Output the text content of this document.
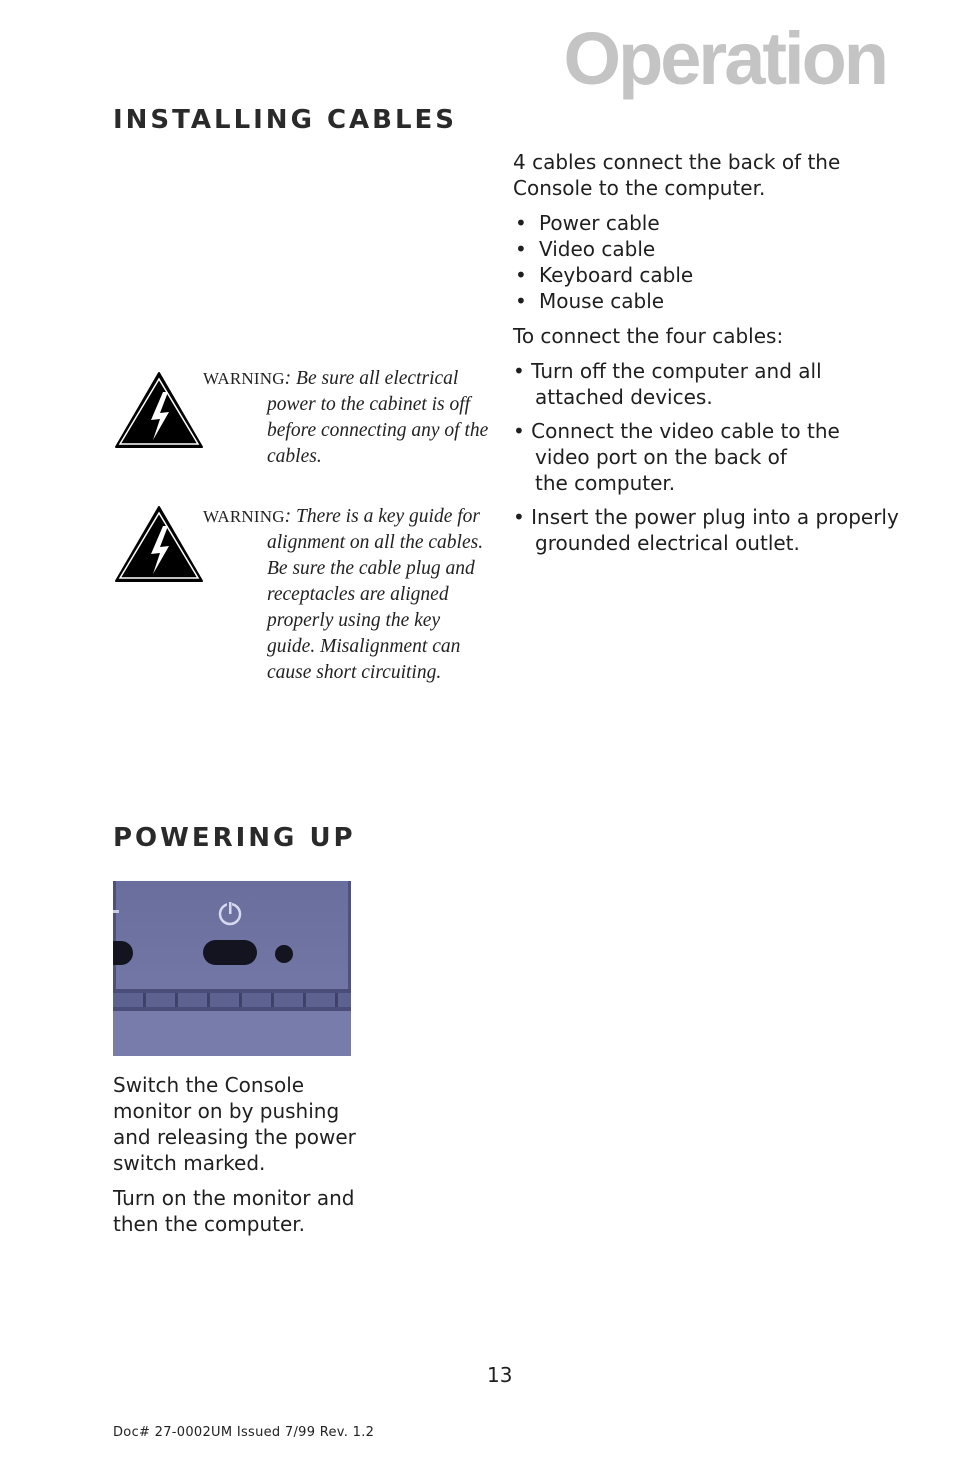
Operation
INSTALLING CABLES
WARNING: Be sure all electrical
power to the cabinet is off before connecting any of the cables.
WARNING: There is a key guide for
alignment on all the cables. Be sure the cable plug and receptacles are aligned properly using the key guide. Misalignment can cause short circuiting.
4 cables connect the back of the Console to the computer.
• Power cable
• Video cable
• Keyboard cable
• Mouse cable
To connect the four cables:

• Turn off the computer and all
attached devices.

• Connect the video cable to the
video port on the back of the computer.

• Insert the power plug into a properly
grounded electrical outlet.

POWERING UP
Switch the Console monitor on by pushing and releasing the power switch marked.
Turn on the monitor and then the computer.
13
Doc# 27-0002UM Issued 7/99 Rev. 1.2
